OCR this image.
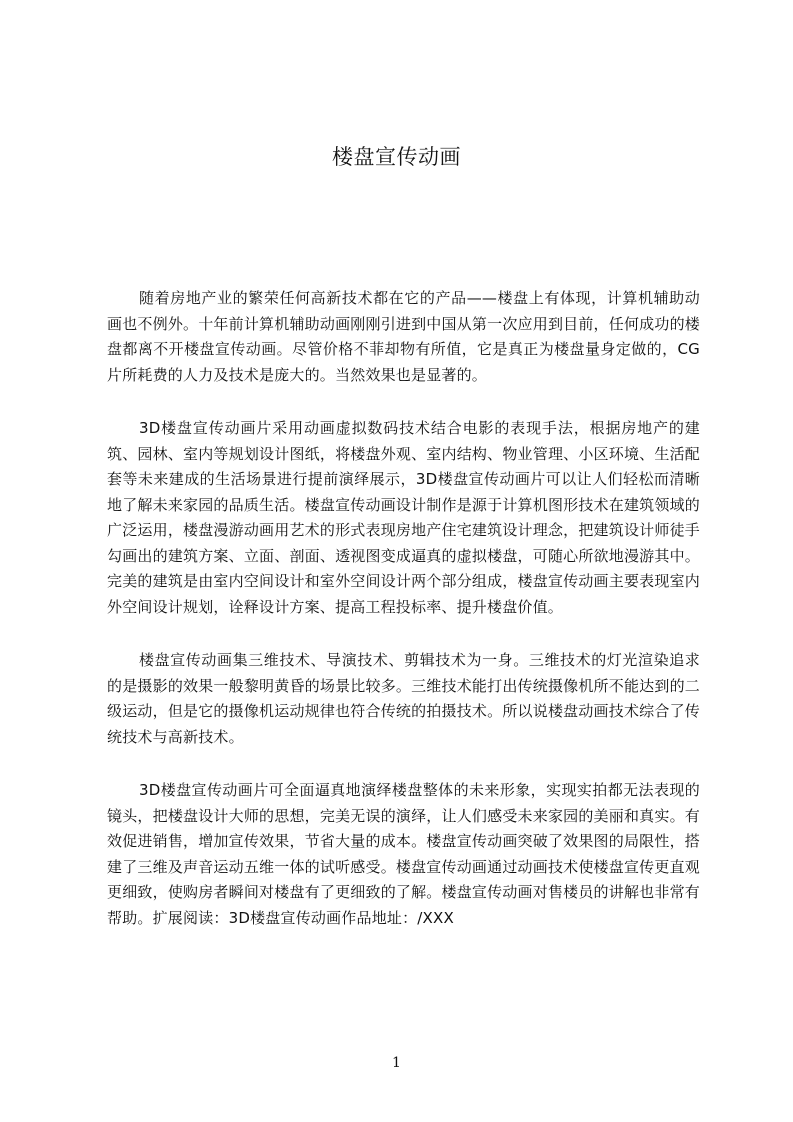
楼盘宣传动画

随着房地产业的繁荣任何高新技术都在它的产品——楼盘上有体现，计算机辅助动画也不例外。十年前计算机辅助动画刚刚引进到中国从第一次应用到目前，任何成功的楼盘都离不开楼盘宣传动画。尽管价格不菲却物有所值，它是真正为楼盘量身定做的，CG片所耗费的人力及技术是庞大的。当然效果也是显著的。

3D楼盘宣传动画片采用动画虚拟数码技术结合电影的表现手法，根据房地产的建筑、园林、室内等规划设计图纸，将楼盘外观、室内结构、物业管理、小区环境、生活配套等未来建成的生活场景进行提前演绎展示，3D楼盘宣传动画片可以让人们轻松而清晰地了解未来家园的品质生活。楼盘宣传动画设计制作是源于计算机图形技术在建筑领域的广泛运用，楼盘漫游动画用艺术的形式表现房地产住宅建筑设计理念，把建筑设计师徒手勾画出的建筑方案、立面、剖面、透视图变成逼真的虚拟楼盘，可随心所欲地漫游其中。完美的建筑是由室内空间设计和室外空间设计两个部分组成，楼盘宣传动画主要表现室内外空间设计规划，诠释设计方案、提高工程投标率、提升楼盘价值。

楼盘宣传动画集三维技术、导演技术、剪辑技术为一身。三维技术的灯光渲染追求的是摄影的效果一般黎明黄昏的场景比较多。三维技术能打出传统摄像机所不能达到的二级运动，但是它的摄像机运动规律也符合传统的拍摄技术。所以说楼盘动画技术综合了传统技术与高新技术。

3D楼盘宣传动画片可全面逼真地演绎楼盘整体的未来形象，实现实拍都无法表现的镜头，把楼盘设计大师的思想，完美无误的演绎，让人们感受未来家园的美丽和真实。有效促进销售，增加宣传效果，节省大量的成本。楼盘宣传动画突破了效果图的局限性，搭建了三维及声音运动五维一体的试听感受。楼盘宣传动画通过动画技术使楼盘宣传更直观更细致，使购房者瞬间对楼盘有了更细致的了解。楼盘宣传动画对售楼员的讲解也非常有帮助。扩展阅读：3D楼盘宣传动画作品地址：/XXX

1
